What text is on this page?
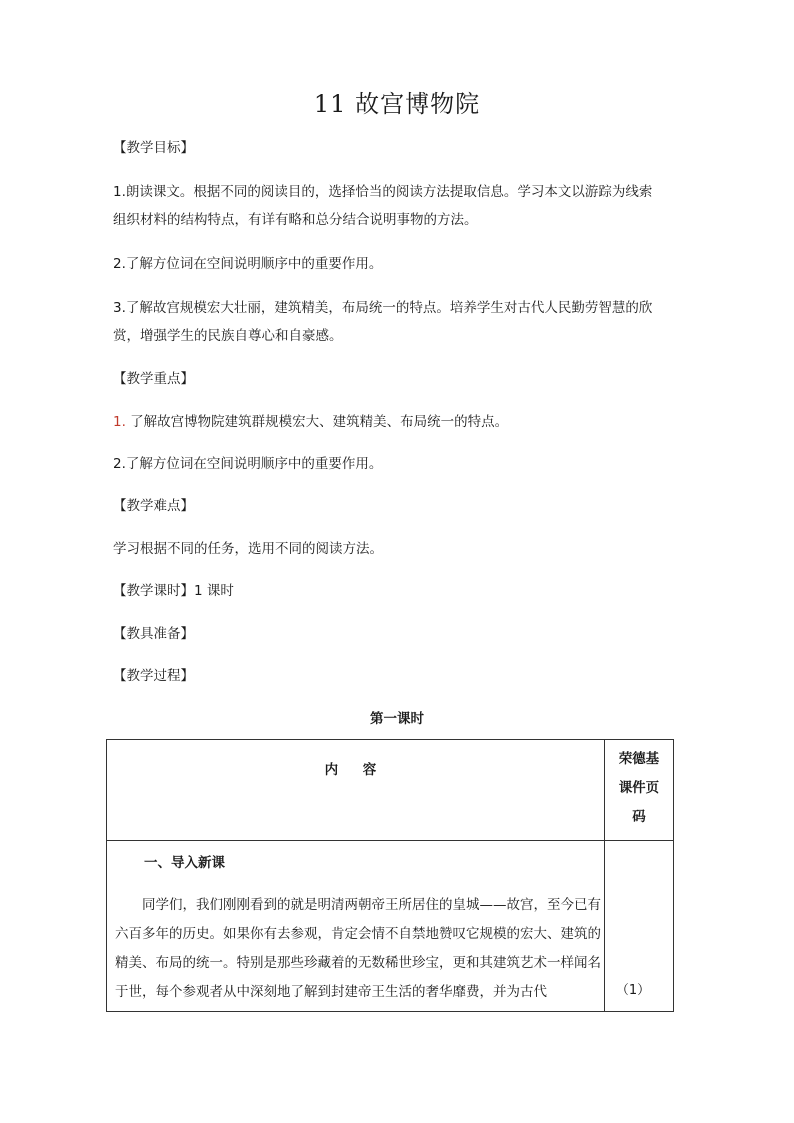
11 故宫博物院
【教学目标】
1.朗读课文。根据不同的阅读目的，选择恰当的阅读方法提取信息。学习本文以游踪为线索
组织材料的结构特点，有详有略和总分结合说明事物的方法。
2.了解方位词在空间说明顺序中的重要作用。
3.了解故宫规模宏大壮丽，建筑精美，布局统一的特点。培养学生对古代人民勤劳智慧的欣
赏，增强学生的民族自尊心和自豪感。
【教学重点】
1. 了解故宫博物院建筑群规模宏大、建筑精美、布局统一的特点。
2.了解方位词在空间说明顺序中的重要作用。
【教学难点】
学习根据不同的任务，选用不同的阅读方法。
【教学课时】1 课时
【教具准备】
【教学过程】
第一课时
内 容	荣德基
课件页
码

一、导入新课
同学们，我们刚刚看到的就是明清两朝帝王所居住的皇城——故宫，至今已有六百多年的历史。如果你有去参观，肯定会情不自禁地赞叹它规模的宏大、建筑的精美、布局的统一。特别是那些珍藏着的无数稀世珍宝，更和其建筑艺术一样闻名于世，每个参观者从中深刻地了解到封建帝王生活的奢华靡费，并为古代	（1）
